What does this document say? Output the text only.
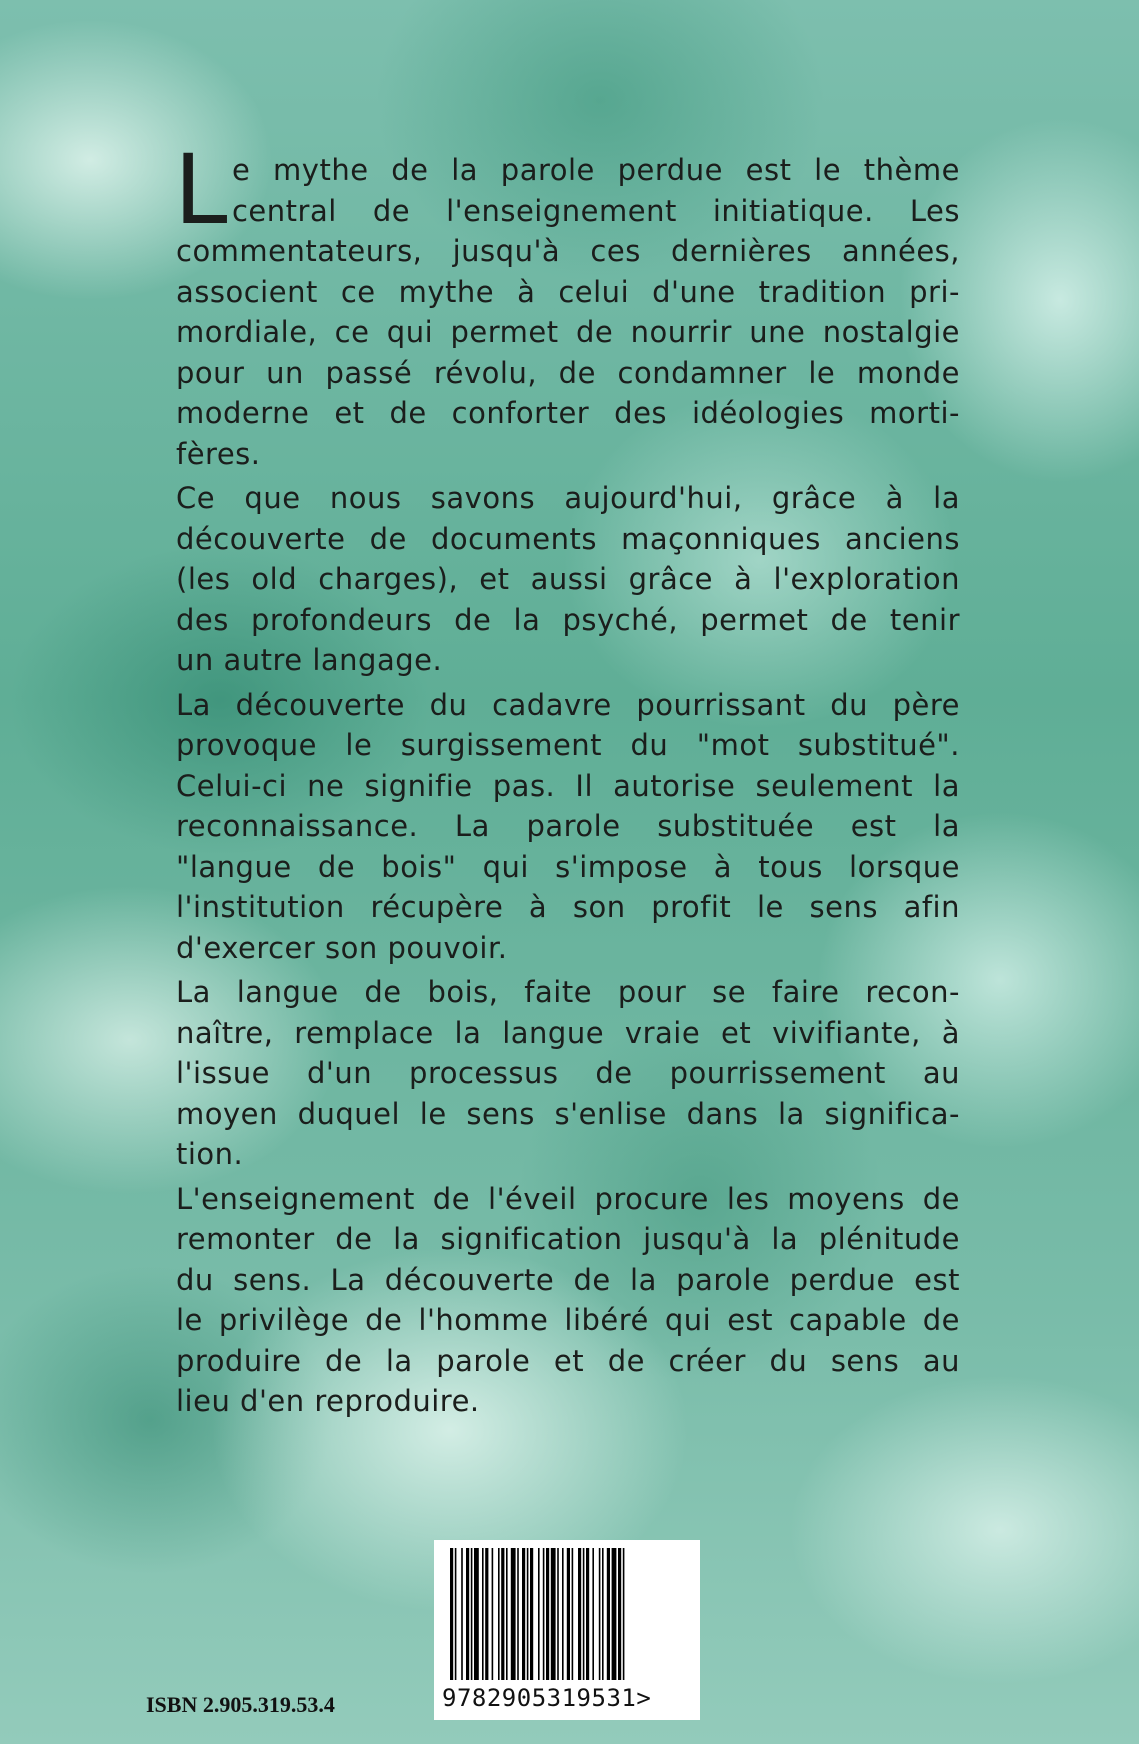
L e mythe de la parole perdue est le thème
central de l'enseignement initiatique. Les
commentateurs, jusqu'à ces dernières années,
associent ce mythe à celui d'une tradition pri-
mordiale, ce qui permet de nourrir une nostalgie
pour un passé révolu, de condamner le monde
moderne et de conforter des idéologies morti-
fères.
Ce que nous savons aujourd'hui, grâce à la
découverte de documents maçonniques anciens
(les old charges), et aussi grâce à l'exploration
des profondeurs de la psyché, permet de tenir
un autre langage.
La découverte du cadavre pourrissant du père
provoque le surgissement du "mot substitué".
Celui-ci ne signifie pas. Il autorise seulement la
reconnaissance. La parole substituée est la
"langue de bois" qui s'impose à tous lorsque
l'institution récupère à son profit le sens afin
d'exercer son pouvoir.
La langue de bois, faite pour se faire recon-
naître, remplace la langue vraie et vivifiante, à
l'issue d'un processus de pourrissement au
moyen duquel le sens s'enlise dans la significa-
tion.
L'enseignement de l'éveil procure les moyens de
remonter de la signification jusqu'à la plénitude
du sens. La découverte de la parole perdue est
le privilège de l'homme libéré qui est capable de
produire de la parole et de créer du sens au
lieu d'en reproduire.
9782905319531>
ISBN 2.905.319.53.4
